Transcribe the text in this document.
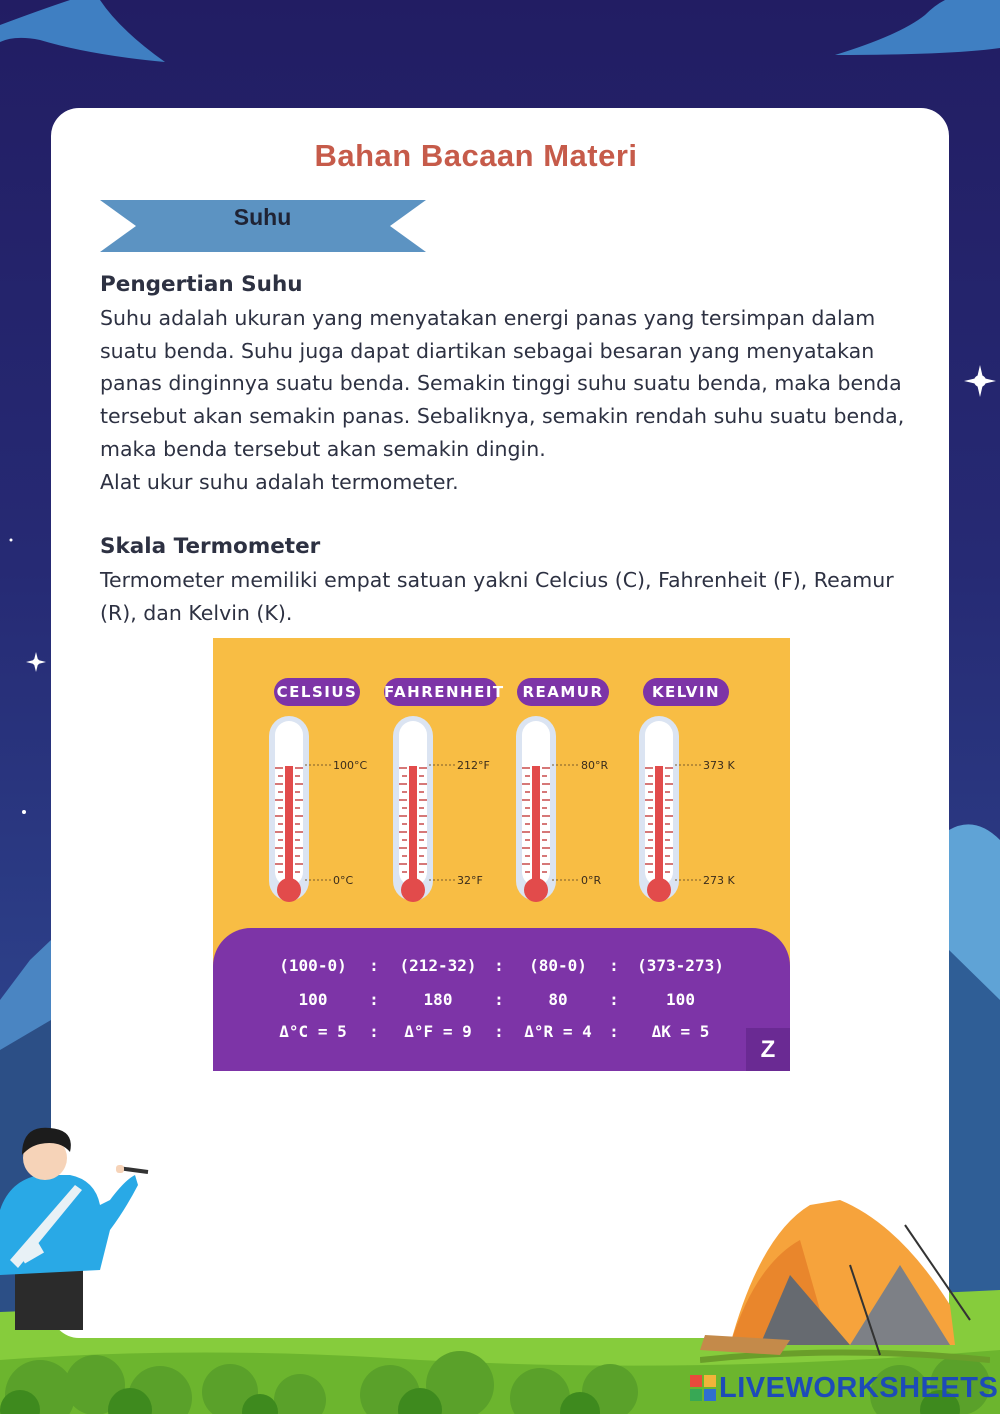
Bahan Bacaan Materi
Suhu
Pengertian Suhu

Suhu adalah ukuran yang menyatakan energi panas yang tersimpan dalam suatu benda. Suhu juga dapat diartikan sebagai besaran yang menyatakan panas dinginnya suatu benda. Semakin tinggi suhu suatu benda, maka benda tersebut akan semakin panas. Sebaliknya, semakin rendah suhu suatu benda, maka benda tersebut akan semakin dingin.

Alat ukur suhu adalah termometer.

Skala Termometer

Termometer memiliki empat satuan yakni Celcius (C), Fahrenheit (F), Reamur (R), dan Kelvin (K).

CELSIUS FAHRENHEIT	REAMUR	KELVIN
100°C
0°C
212°F
32°F
80°R
0°R
373 K
273 K
(100-0)	:	(212-32)	:	(80-0)	:	(373-273)
100	:	180	:	80	:	100
Δ°C = 5	:	Δ°F = 9	:	Δ°R = 4	:	ΔK = 5
Z
LIVEWORKSHEETS
